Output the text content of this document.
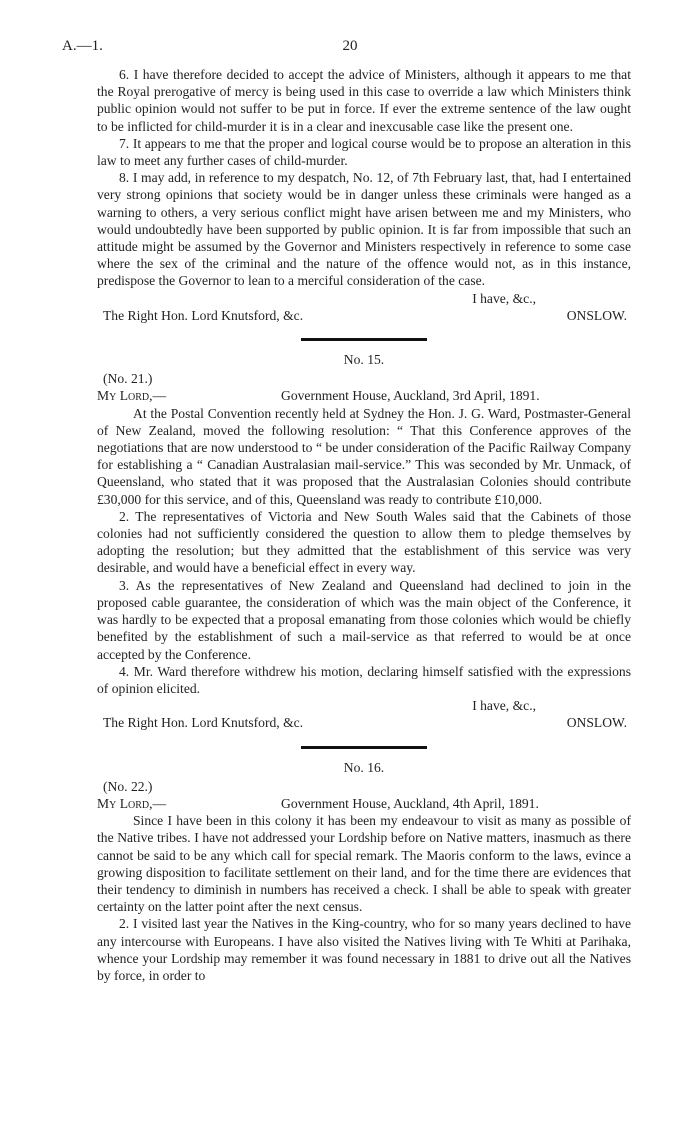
A.—1.	20

6. I have therefore decided to accept the advice of Ministers, although it appears to me that the Royal prerogative of mercy is being used in this case to override a law which Ministers think public opinion would not suffer to be put in force. If ever the extreme sentence of the law ought to be inflicted for child-murder it is in a clear and inexcusable case like the present one.

7. It appears to me that the proper and logical course would be to propose an alteration in this law to meet any further cases of child-murder.

8. I may add, in reference to my despatch, No. 12, of 7th February last, that, had I entertained very strong opinions that society would be in danger unless these criminals were hanged as a warning to others, a very serious conflict might have arisen between me and my Ministers, who would undoubtedly have been supported by public opinion. It is far from impossible that such an attitude might be assumed by the Governor and Ministers respectively in reference to some case where the sex of the criminal and the nature of the offence would not, as in this instance, predispose the Governor to lean to a merciful consideration of the case.

I have, &c.,
The Right Hon. Lord Knutsford, &c.	ONSLOW.
No. 15.
(No. 21.)
My Lord,—	Government House, Auckland, 3rd April, 1891.

At the Postal Convention recently held at Sydney the Hon. J. G. Ward, Postmaster-General of New Zealand, moved the following resolution: “ That this Conference approves of the negotiations that are now understood to “ be under consideration of the Pacific Railway Company for establishing a “ Canadian Australasian mail-service.” This was seconded by Mr. Unmack, of Queensland, who stated that it was proposed that the Australasian Colonies should contribute £30,000 for this service, and of this, Queensland was ready to contribute £10,000.

2. The representatives of Victoria and New South Wales said that the Cabinets of those colonies had not sufficiently considered the question to allow them to pledge themselves by adopting the resolution; but they admitted that the establishment of this service was very desirable, and would have a beneficial effect in every way.

3. As the representatives of New Zealand and Queensland had declined to join in the proposed cable guarantee, the consideration of which was the main object of the Conference, it was hardly to be expected that a proposal emanating from those colonies which would be chiefly benefited by the establishment of such a mail-service as that referred to would be at once accepted by the Conference.

4. Mr. Ward therefore withdrew his motion, declaring himself satisfied with the expressions of opinion elicited.

I have, &c.,
The Right Hon. Lord Knutsford, &c.	ONSLOW.
No. 16.
(No. 22.)
My Lord,—	Government House, Auckland, 4th April, 1891.

Since I have been in this colony it has been my endeavour to visit as many as possible of the Native tribes. I have not addressed your Lordship before on Native matters, inasmuch as there cannot be said to be any which call for special remark. The Maoris conform to the laws, evince a growing disposition to facilitate settlement on their land, and for the time there are evidences that their tendency to diminish in numbers has received a check. I shall be able to speak with greater certainty on the latter point after the next census.

2. I visited last year the Natives in the King-country, who for so many years declined to have any intercourse with Europeans. I have also visited the Natives living with Te Whiti at Parihaka, whence your Lordship may remember it was found necessary in 1881 to drive out all the Natives by force, in order to
